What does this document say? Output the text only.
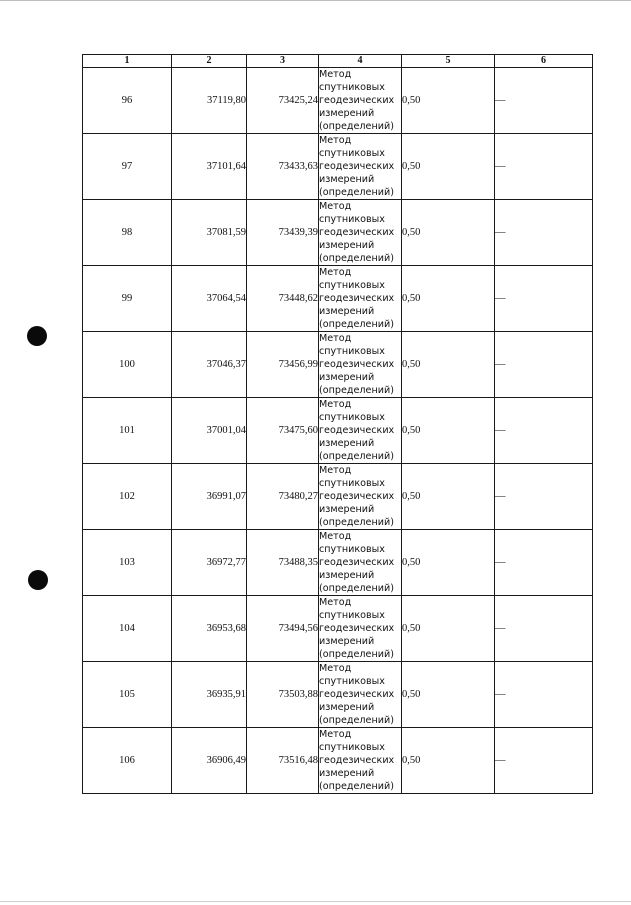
1	2	3	4	5	6
96	37119,80	73425,24	Метод
спутниковых
геодезических
измерений
(определений)	0,50	—
97	37101,64	73433,63	Метод
спутниковых
геодезических
измерений
(определений)	0,50	—
98	37081,59	73439,39	Метод
спутниковых
геодезических
измерений
(определений)	0,50	—
99	37064,54	73448,62	Метод
спутниковых
геодезических
измерений
(определений)	0,50	—
100	37046,37	73456,99	Метод
спутниковых
геодезических
измерений
(определений)	0,50	—
101	37001,04	73475,60	Метод
спутниковых
геодезических
измерений
(определений)	0,50	—
102	36991,07	73480,27	Метод
спутниковых
геодезических
измерений
(определений)	0,50	—
103	36972,77	73488,35	Метод
спутниковых
геодезических
измерений
(определений)	0,50	—
104	36953,68	73494,56	Метод
спутниковых
геодезических
измерений
(определений)	0,50	—
105	36935,91	73503,88	Метод
спутниковых
геодезических
измерений
(определений)	0,50	—
106	36906,49	73516,48	Метод
спутниковых
геодезических
измерений
(определений)	0,50	—
